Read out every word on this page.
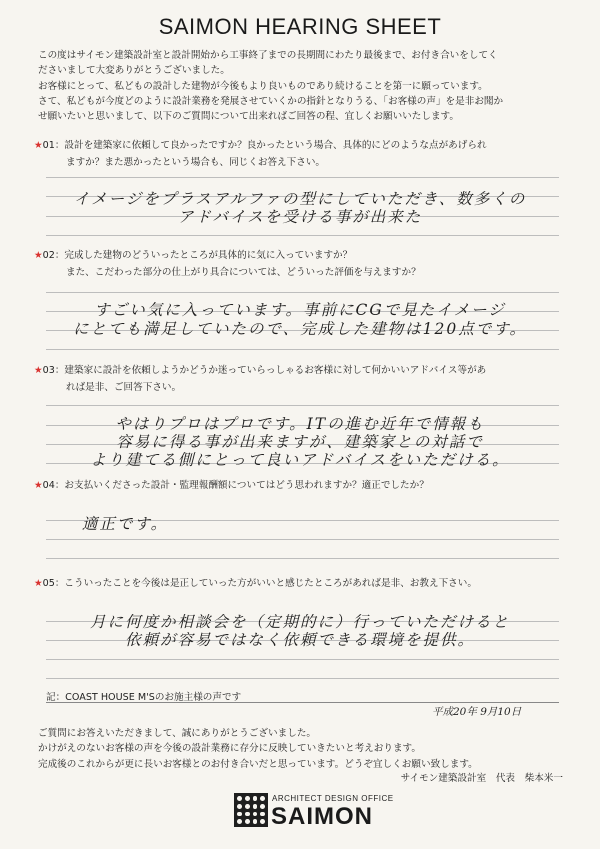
SAIMON HEARING SHEET
この度はサイモン建築設計室と設計開始から工事終了までの長期間にわたり最後まで、お付き合いをしてく
ださいまして大変ありがとうございました。
お客様にとって、私どもの設計した建物が今後もより良いものであり続けることを第一に願っています。
さて、私どもが今度どのように設計業務を発展させていくかの指針となりうる、「お客様の声」を是非お聞か
せ願いたいと思いまして、以下のご質問について出来ればご回答の程、宜しくお願いいたします。
★01：設計を建築家に依頼して良かったですか？良かったという場合、具体的にどのような点があげられ
ますか？また悪かったという場合も、同じくお答え下さい。
イメージをプラスアルファの型にしていただき、数多くの
アドバイスを受ける事が出来た
★02：完成した建物のどういったところが具体的に気に入っていますか？
また、こだわった部分の仕上がり具合については、どういった評価を与えますか？
すごい気に入っています。事前にCGで見たイメージ
にとても満足していたので、完成した建物は120点です。
★03：建築家に設計を依頼しようかどうか迷っていらっしゃるお客様に対して何かいいアドバイス等があ
れば是非、ご回答下さい。
やはりプロはプロです。ITの進む近年で情報も
容易に得る事が出来ますが、建築家との対話で
より建てる側にとって良いアドバイスをいただける。
★04：お支払いくださった設計・監理報酬額についてはどう思われますか？適正でしたか？
適正です。
★05：こういったことを今後は是正していった方がいいと感じたところがあれば是非、お教え下さい。
月に何度か相談会を（定期的に）行っていただけると
依頼が容易ではなく依頼できる環境を提供。
記：COAST HOUSE M'Sのお施主様の声です
平成20年 9月10日
ご質問にお答えいただきまして、誠にありがとうございました。
かけがえのないお客様の声を今後の設計業務に存分に反映していきたいと考えおります。
完成後のこれからが更に長いお客様とのお付き合いだと思っています。どうぞ宜しくお願い致します。
サイモン建築設計室　代表　柴本米一
ARCHITECT DESIGN OFFICE
SAIMON
